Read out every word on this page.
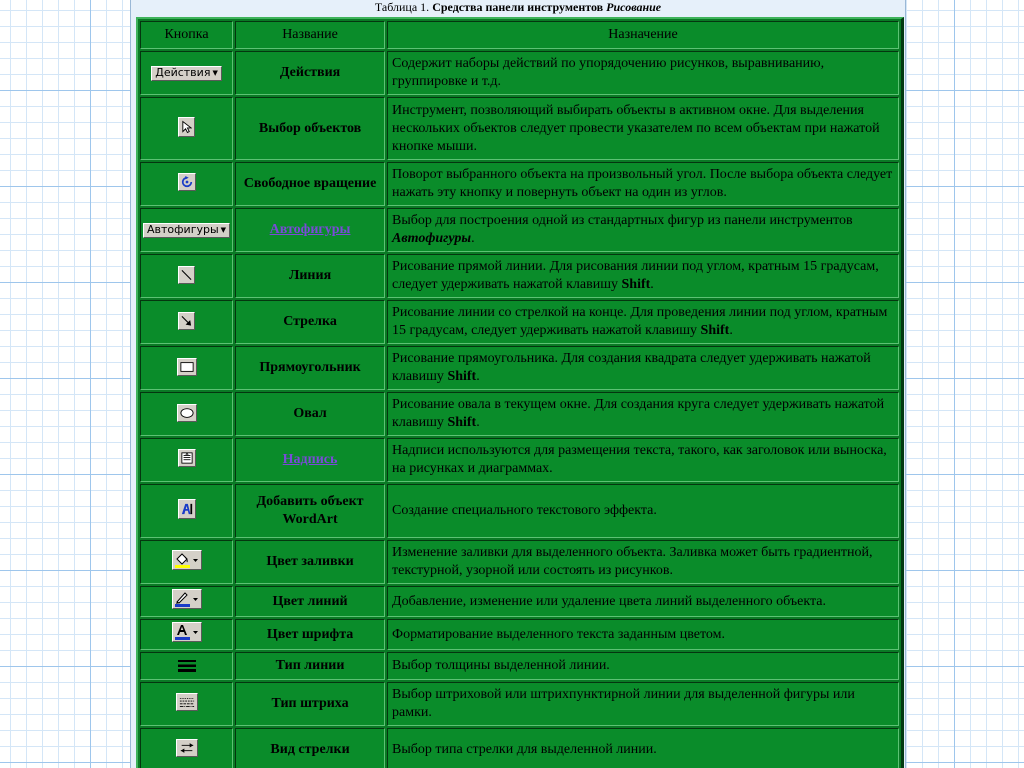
Таблица 1. Средства панели инструментов Рисование
Кнопка	Название	Назначение

Действия ▼	Действия	Содержит наборы действий по упорядочению рисунков, выравниванию, группировке и т.д.

	Выбор объектов	Инструмент, позволяющий выбирать объекты в активном окне. Для выделения нескольких объектов следует провести указателем по всем объектам при нажатой кнопке мыши.

	Свободное вращение	Поворот выбранного объекта на произвольный угол. После выбора объекта следует нажать эту кнопку и повернуть объект на один из углов.

Автофигуры ▼	Автофигуры	Выбор для построения одной из стандартных фигур из панели инструментов Автофигуры.

	Линия	Рисование прямой линии. Для рисования линии под углом, кратным 15 градусам, следует удерживать нажатой клавишу Shift.

	Стрелка	Рисование линии со стрелкой на конце. Для проведения линии под углом, кратным 15 градусам, следует удерживать нажатой клавишу Shift.

	Прямоугольник	Рисование прямоугольника. Для создания квадрата следует удерживать нажатой клавишу Shift.

	Овал	Рисование овала в текущем окне. Для создания круга следует удерживать нажатой клавишу Shift.

	Надпись	Надписи используются для размещения текста, такого, как заголовок или выноска, на рисунках и диаграммах.

	Добавить объект WordArt	Создание специального текстового эффекта.

	Цвет заливки	Изменение заливки для выделенного объекта. Заливка может быть градиентной, текстурной, узорной или состоять из рисунков.

	Цвет линий	Добавление, изменение или удаление цвета линий выделенного объекта.

	Цвет шрифта	Форматирование выделенного текста заданным цветом.

	Тип линии	Выбор толщины выделенной линии.

	Тип штриха	Выбор штриховой или штрихпунктирной линии для выделенной фигуры или рамки.

	Вид стрелки	Выбор типа стрелки для выделенной линии.
